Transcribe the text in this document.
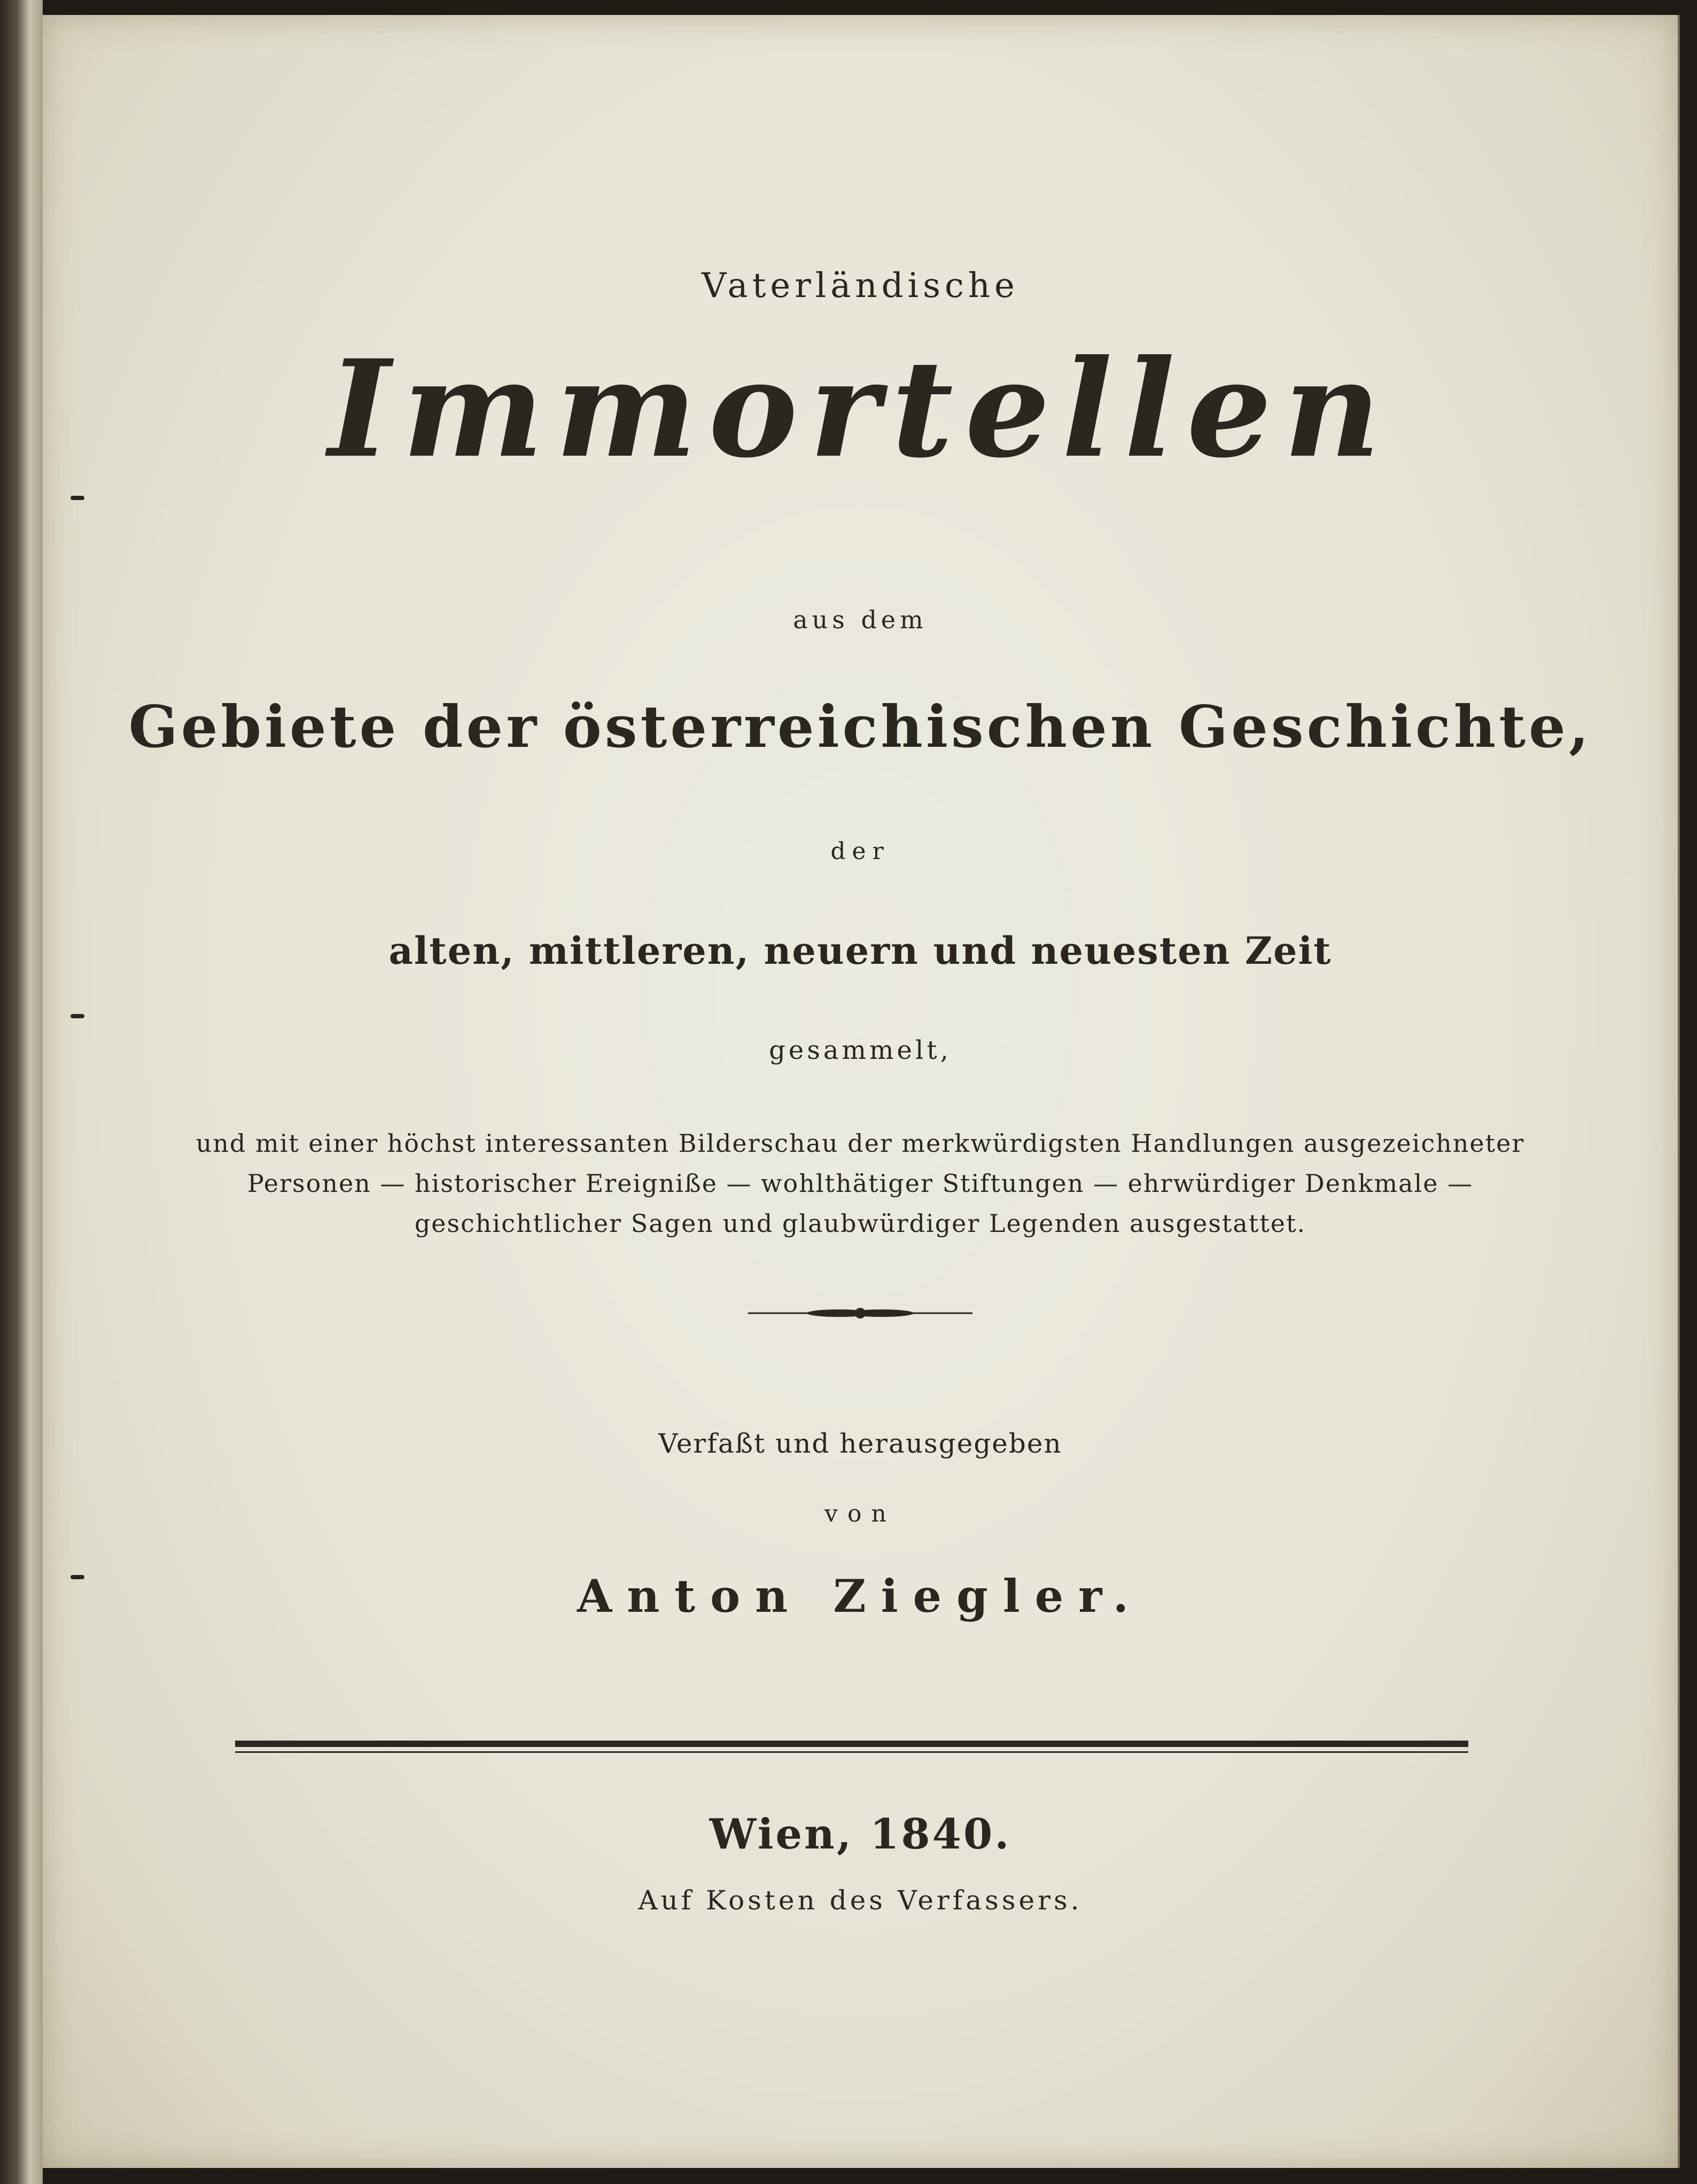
Vaterländische
Immortellen
aus dem
Gebiete der österreichischen Geschichte,
der
alten, mittleren, neuern und neuesten Zeit
gesammelt,
und mit einer höchst interessanten Bilderschau der merkwürdigsten Handlungen ausgezeichneter
Personen — historischer Ereigniße — wohlthätiger Stiftungen — ehrwürdiger Denkmale —
geschichtlicher Sagen und glaubwürdiger Legenden ausgestattet.
Verfaßt und herausgegeben
von
Anton Ziegler.
Wien, 1840.
Auf Kosten des Verfassers.
